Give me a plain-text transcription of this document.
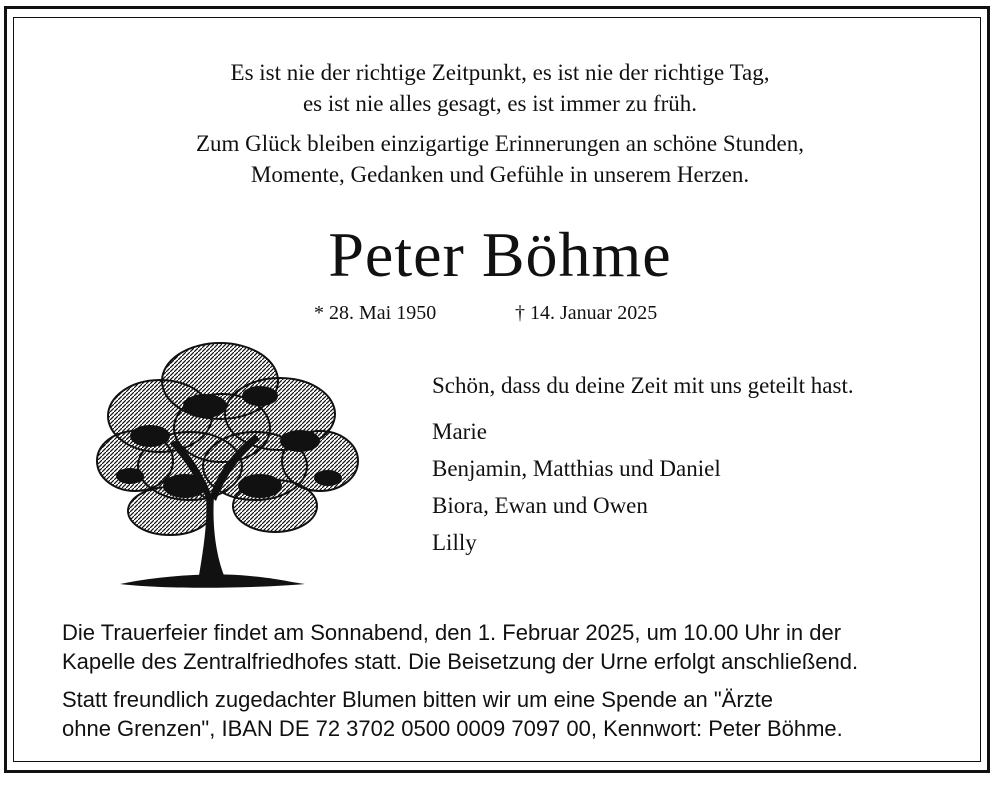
Es ist nie der richtige Zeitpunkt, es ist nie der richtige Tag,

es ist nie alles gesagt, es ist immer zu früh.

Zum Glück bleiben einzigartige Erinnerungen an schöne Stunden,

Momente, Gedanken und Gefühle in unserem Herzen.

Peter Böhme
* 28. Mai 1950	† 14. Januar 2025
Schön, dass du deine Zeit mit uns geteilt hast.
Marie
Benjamin, Matthias und Daniel
Biora, Ewan und Owen
Lilly

Die Trauerfeier findet am Sonnabend, den 1. Februar 2025, um 10.00 Uhr in der

Kapelle des Zentralfriedhofes statt. Die Beisetzung der Urne erfolgt anschließend.

Statt freundlich zugedachter Blumen bitten wir um eine Spende an "Ärzte

ohne Grenzen", IBAN DE 72 3702 0500 0009 7097 00, Kennwort: Peter Böhme.
